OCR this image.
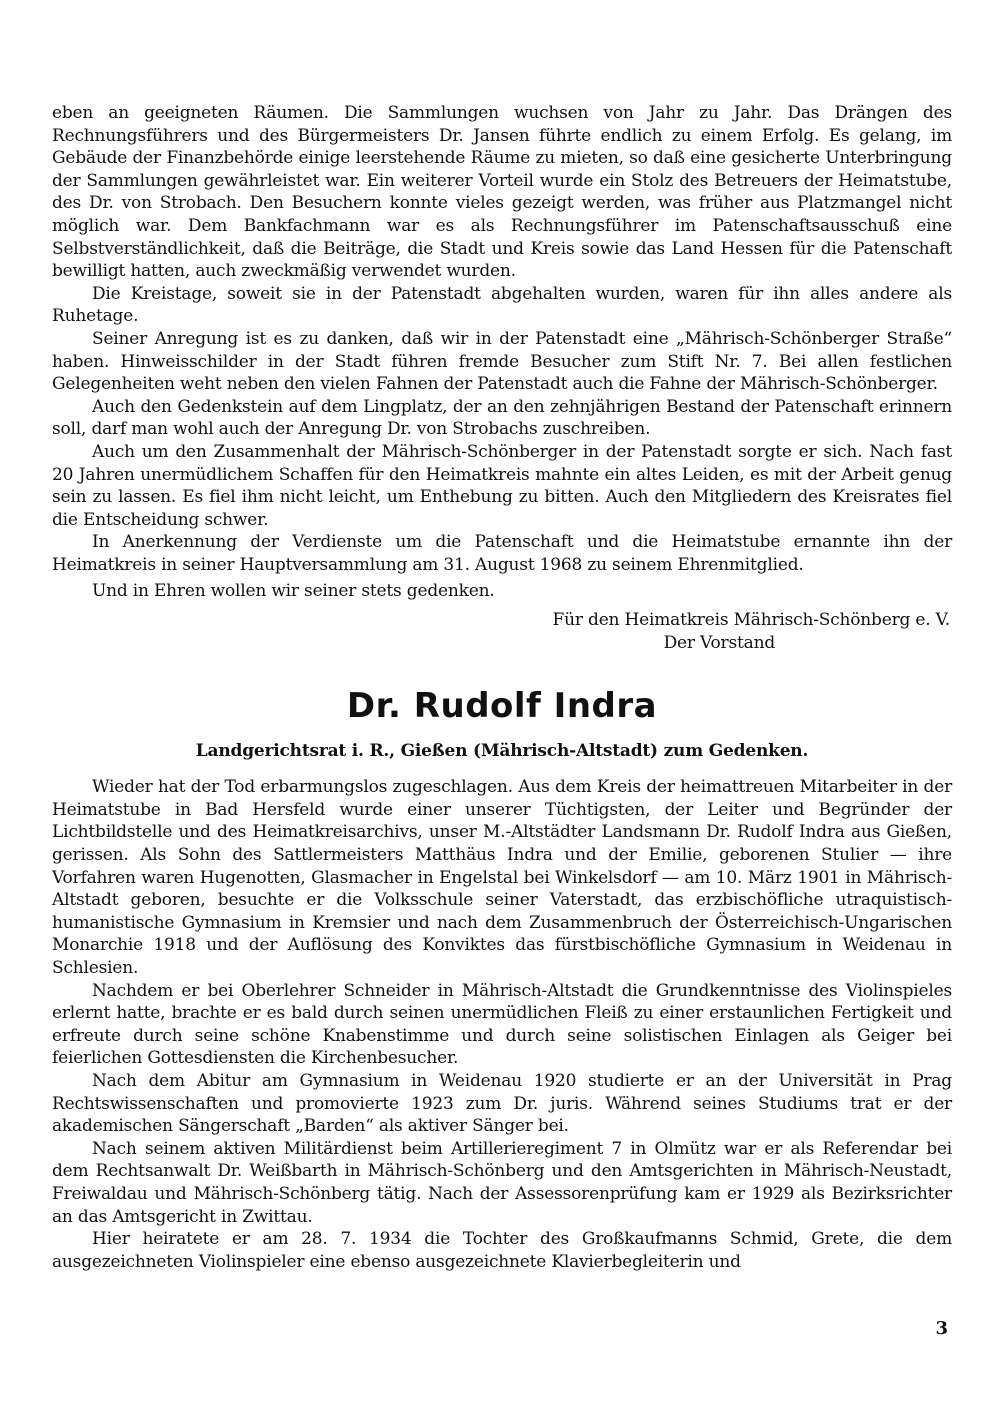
eben an geeigneten Räumen. Die Sammlungen wuchsen von Jahr zu Jahr. Das Drängen des Rechnungsführers und des Bürgermeisters Dr. Jansen führte endlich zu einem Erfolg. Es gelang, im Gebäude der Finanzbehörde einige leerstehende Räume zu mieten, so daß eine gesicherte Unterbringung der Sammlungen gewährleistet war. Ein weiterer Vorteil wurde ein Stolz des Betreuers der Heimatstube, des Dr. von Strobach. Den Besuchern konnte vieles gezeigt werden, was früher aus Platzmangel nicht möglich war. Dem Bankfachmann war es als Rechnungsführer im Patenschaftsausschuß eine Selbstverständlichkeit, daß die Beiträge, die Stadt und Kreis sowie das Land Hessen für die Patenschaft bewilligt hatten, auch zweckmäßig verwendet wurden.

Die Kreistage, soweit sie in der Patenstadt abgehalten wurden, waren für ihn alles andere als Ruhetage.

Seiner Anregung ist es zu danken, daß wir in der Patenstadt eine „Mährisch-Schönberger Straße“ haben. Hinweisschilder in der Stadt führen fremde Besucher zum Stift Nr. 7. Bei allen festlichen Gelegenheiten weht neben den vielen Fahnen der Patenstadt auch die Fahne der Mährisch-Schönberger.

Auch den Gedenkstein auf dem Lingplatz, der an den zehnjährigen Bestand der Patenschaft erinnern soll, darf man wohl auch der Anregung Dr. von Strobachs zuschreiben.

Auch um den Zusammenhalt der Mährisch-Schönberger in der Patenstadt sorgte er sich. Nach fast 20 Jahren unermüdlichem Schaffen für den Heimatkreis mahnte ein altes Leiden, es mit der Arbeit genug sein zu lassen. Es fiel ihm nicht leicht, um Enthebung zu bitten. Auch den Mitgliedern des Kreisrates fiel die Entscheidung schwer.

In Anerkennung der Verdienste um die Patenschaft und die Heimatstube ernannte ihn der Heimatkreis in seiner Hauptversammlung am 31. August 1968 zu seinem Ehrenmitglied.

Und in Ehren wollen wir seiner stets gedenken.

Für den Heimatkreis Mährisch-Schönberg e. V.
Der Vorstand
Dr. Rudolf Indra
Landgerichtsrat i. R., Gießen (Mährisch-Altstadt) zum Gedenken.

Wieder hat der Tod erbarmungslos zugeschlagen. Aus dem Kreis der heimattreuen Mitarbeiter in der Heimatstube in Bad Hersfeld wurde einer unserer Tüchtigsten, der Leiter und Begründer der Lichtbildstelle und des Heimatkreisarchivs, unser M.-Altstädter Landsmann Dr. Rudolf Indra aus Gießen, gerissen. Als Sohn des Sattlermeisters Matthäus Indra und der Emilie, geborenen Stulier — ihre Vorfahren waren Hugenotten, Glasmacher in Engelstal bei Winkelsdorf — am 10. März 1901 in Mährisch-Altstadt geboren, besuchte er die Volksschule seiner Vaterstadt, das erzbischöfliche utraquistisch-humanistische Gymnasium in Kremsier und nach dem Zusammenbruch der Österreichisch-Ungarischen Monarchie 1918 und der Auflösung des Konviktes das fürstbischöfliche Gymnasium in Weidenau in Schlesien.

Nachdem er bei Oberlehrer Schneider in Mährisch-Altstadt die Grundkenntnisse des Violinspieles erlernt hatte, brachte er es bald durch seinen unermüdlichen Fleiß zu einer erstaunlichen Fertigkeit und erfreute durch seine schöne Knabenstimme und durch seine solistischen Einlagen als Geiger bei feierlichen Gottesdiensten die Kirchenbesucher.

Nach dem Abitur am Gymnasium in Weidenau 1920 studierte er an der Universität in Prag Rechtswissenschaften und promovierte 1923 zum Dr. juris. Während seines Studiums trat er der akademischen Sängerschaft „Barden“ als aktiver Sänger bei.

Nach seinem aktiven Militärdienst beim Artillerieregiment 7 in Olmütz war er als Referendar bei dem Rechtsanwalt Dr. Weißbarth in Mährisch-Schönberg und den Amtsgerichten in Mährisch-Neustadt, Freiwaldau und Mährisch-Schönberg tätig. Nach der Assessorenprüfung kam er 1929 als Bezirksrichter an das Amtsgericht in Zwittau.

Hier heiratete er am 28. 7. 1934 die Tochter des Großkaufmanns Schmid, Grete, die dem ausgezeichneten Violinspieler eine ebenso ausgezeichnete Klavierbegleiterin und

3
